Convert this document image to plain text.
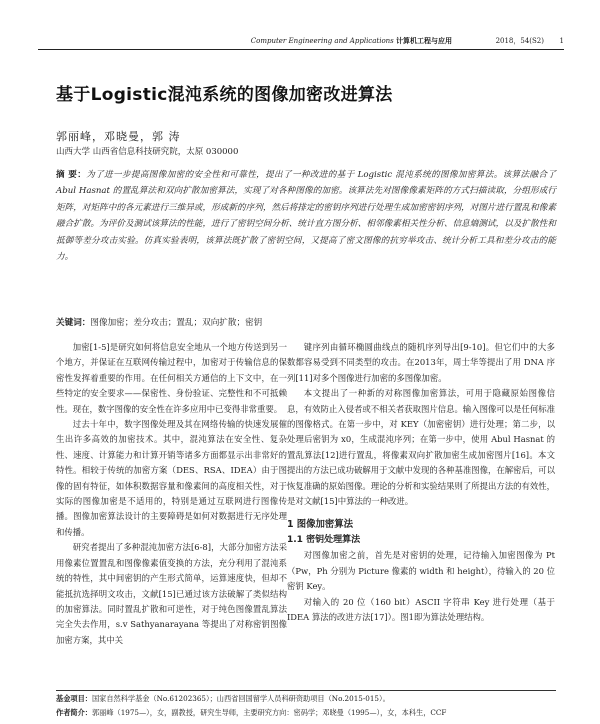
Computer Engineering and Applications 计算机工程与应用	2018，54(S2)	1
基于Logistic混沌系统的图像加密改进算法
郭丽峰，邓晓曼，郭 涛
山西大学 山西省信息科技研究院，太原 030000
摘 要：为了进一步提高图像加密的安全性和可靠性，提出了一种改进的基于 Logistic 混沌系统的图像加密算法。该算法融合了Abul Hasnat 的置乱算法和双向扩散加密算法，实现了对各种图像的加密。该算法先对图像像素矩阵的方式扫描读取，分组形成行矩阵，对矩阵中的各元素进行三维异或，形成新的序列，然后将排定的密钥序列进行处理生成加密密钥序列，对图片进行置乱和像素融合扩散。为评价及测试该算法的性能，进行了密钥空间分析、统计直方图分析、相邻像素相关性分析、信息熵测试，以及扩散性和抵御等差分攻击实验。仿真实验表明，该算法既扩散了密钥空间，又提高了密文图像的抗穷举攻击、统计分析工具和差分攻击的能力。
关键词：图像加密；差分攻击；置乱；双向扩散；密钥

加密[1-5]是研究如何将信息安全地从一个地方传送到另一个地方，并保证在互联网传输过程中，加密对于传输信息的保密性发挥着重要的作用。在任何相关方通信的上下文中，在一些特定的安全要求——保密性、身份验证、完整性和不可抵赖性。现在，数字图像的安全性在许多应用中已变得非常重要。

过去十年中，数字图像处理及其在网络传输的快速发展催生出许多高效的加密技术。其中，混沌算法在安全性、复杂性、速度、计算能力和计算开销等诸多方面都显示出非常好的特性。相较于传统的加密方案（DES、RSA、IDEA）由于图像的固有特征，如体积数据容量和像素间的高度相关性，对于实际的图像加密是不适用的，特别是通过互联网进行图像传播。图像加密算法设计的主要障碍是如何对数据进行无序处理和传播。

研究者提出了多种混沌加密方法[6-8]，大部分加密方法采用像素位置置乱和图像像素值变换的方法，充分利用了混沌系统的特性，其中间密钥的产生形式简单，运算速度快，但却不能抵抗选择明文攻击，文献[15]已通过该方法破解了类似结构的加密算法。同时置乱扩散和可逆性，对于纯色图像置乱算法完全失去作用，s.v Sathyanarayana 等提出了对称密钥图像加密方案，其中关

键序列由循环椭圆曲线点的随机序列导出[9-10]。但它们中的大多数都容易受到不同类型的攻击。在2013年，周士华等提出了用 DNA 序列[11]对多个图像进行加密的多图像加密。

本文提出了一种新的对称图像加密算法，可用于隐藏原始图像信息，有效防止入侵者或不相关者获取图片信息。输入图像可以是任何标准的图像格式。在第一步中，对 KEY（加密密钥）进行处理；第二步，以处理后密钥为 x0，生成混沌序列；在第一步中，使用 Abul Hasnat 的置乱算法[12]进行置乱，将像素双向扩散加密生成加密图片[16]。本文提出的方法已成功破解用于文献中发现的各种基准图像，在解密后，可以恢复准确的原始图像。理论的分析和实验结果则了所提出方法的有效性，是对文献[15]中算法的一种改进。

1 图像加密算法
1.1 密钥处理算法

对图像加密之前，首先是对密钥的处理，记待输入加密图像为 Pt（Pw，Ph 分别为 Picture 像素的 width 和 height），待输入的 20 位密钥 Key。

对输入的 20 位（160 bit）ASCII 字符串 Key 进行处理（基于 IDEA 算法的改进方法[17]）。图1即为算法处理结构。

基金项目：国家自然科学基金（No.61202365）；山西省回国留学人员科研资助项目（No.2015-015）。
作者简介：郭丽峰（1975—），女，副教授，研究生导师，主要研究方向：密码学；邓晓曼（1995—），女，本科生，CCF
